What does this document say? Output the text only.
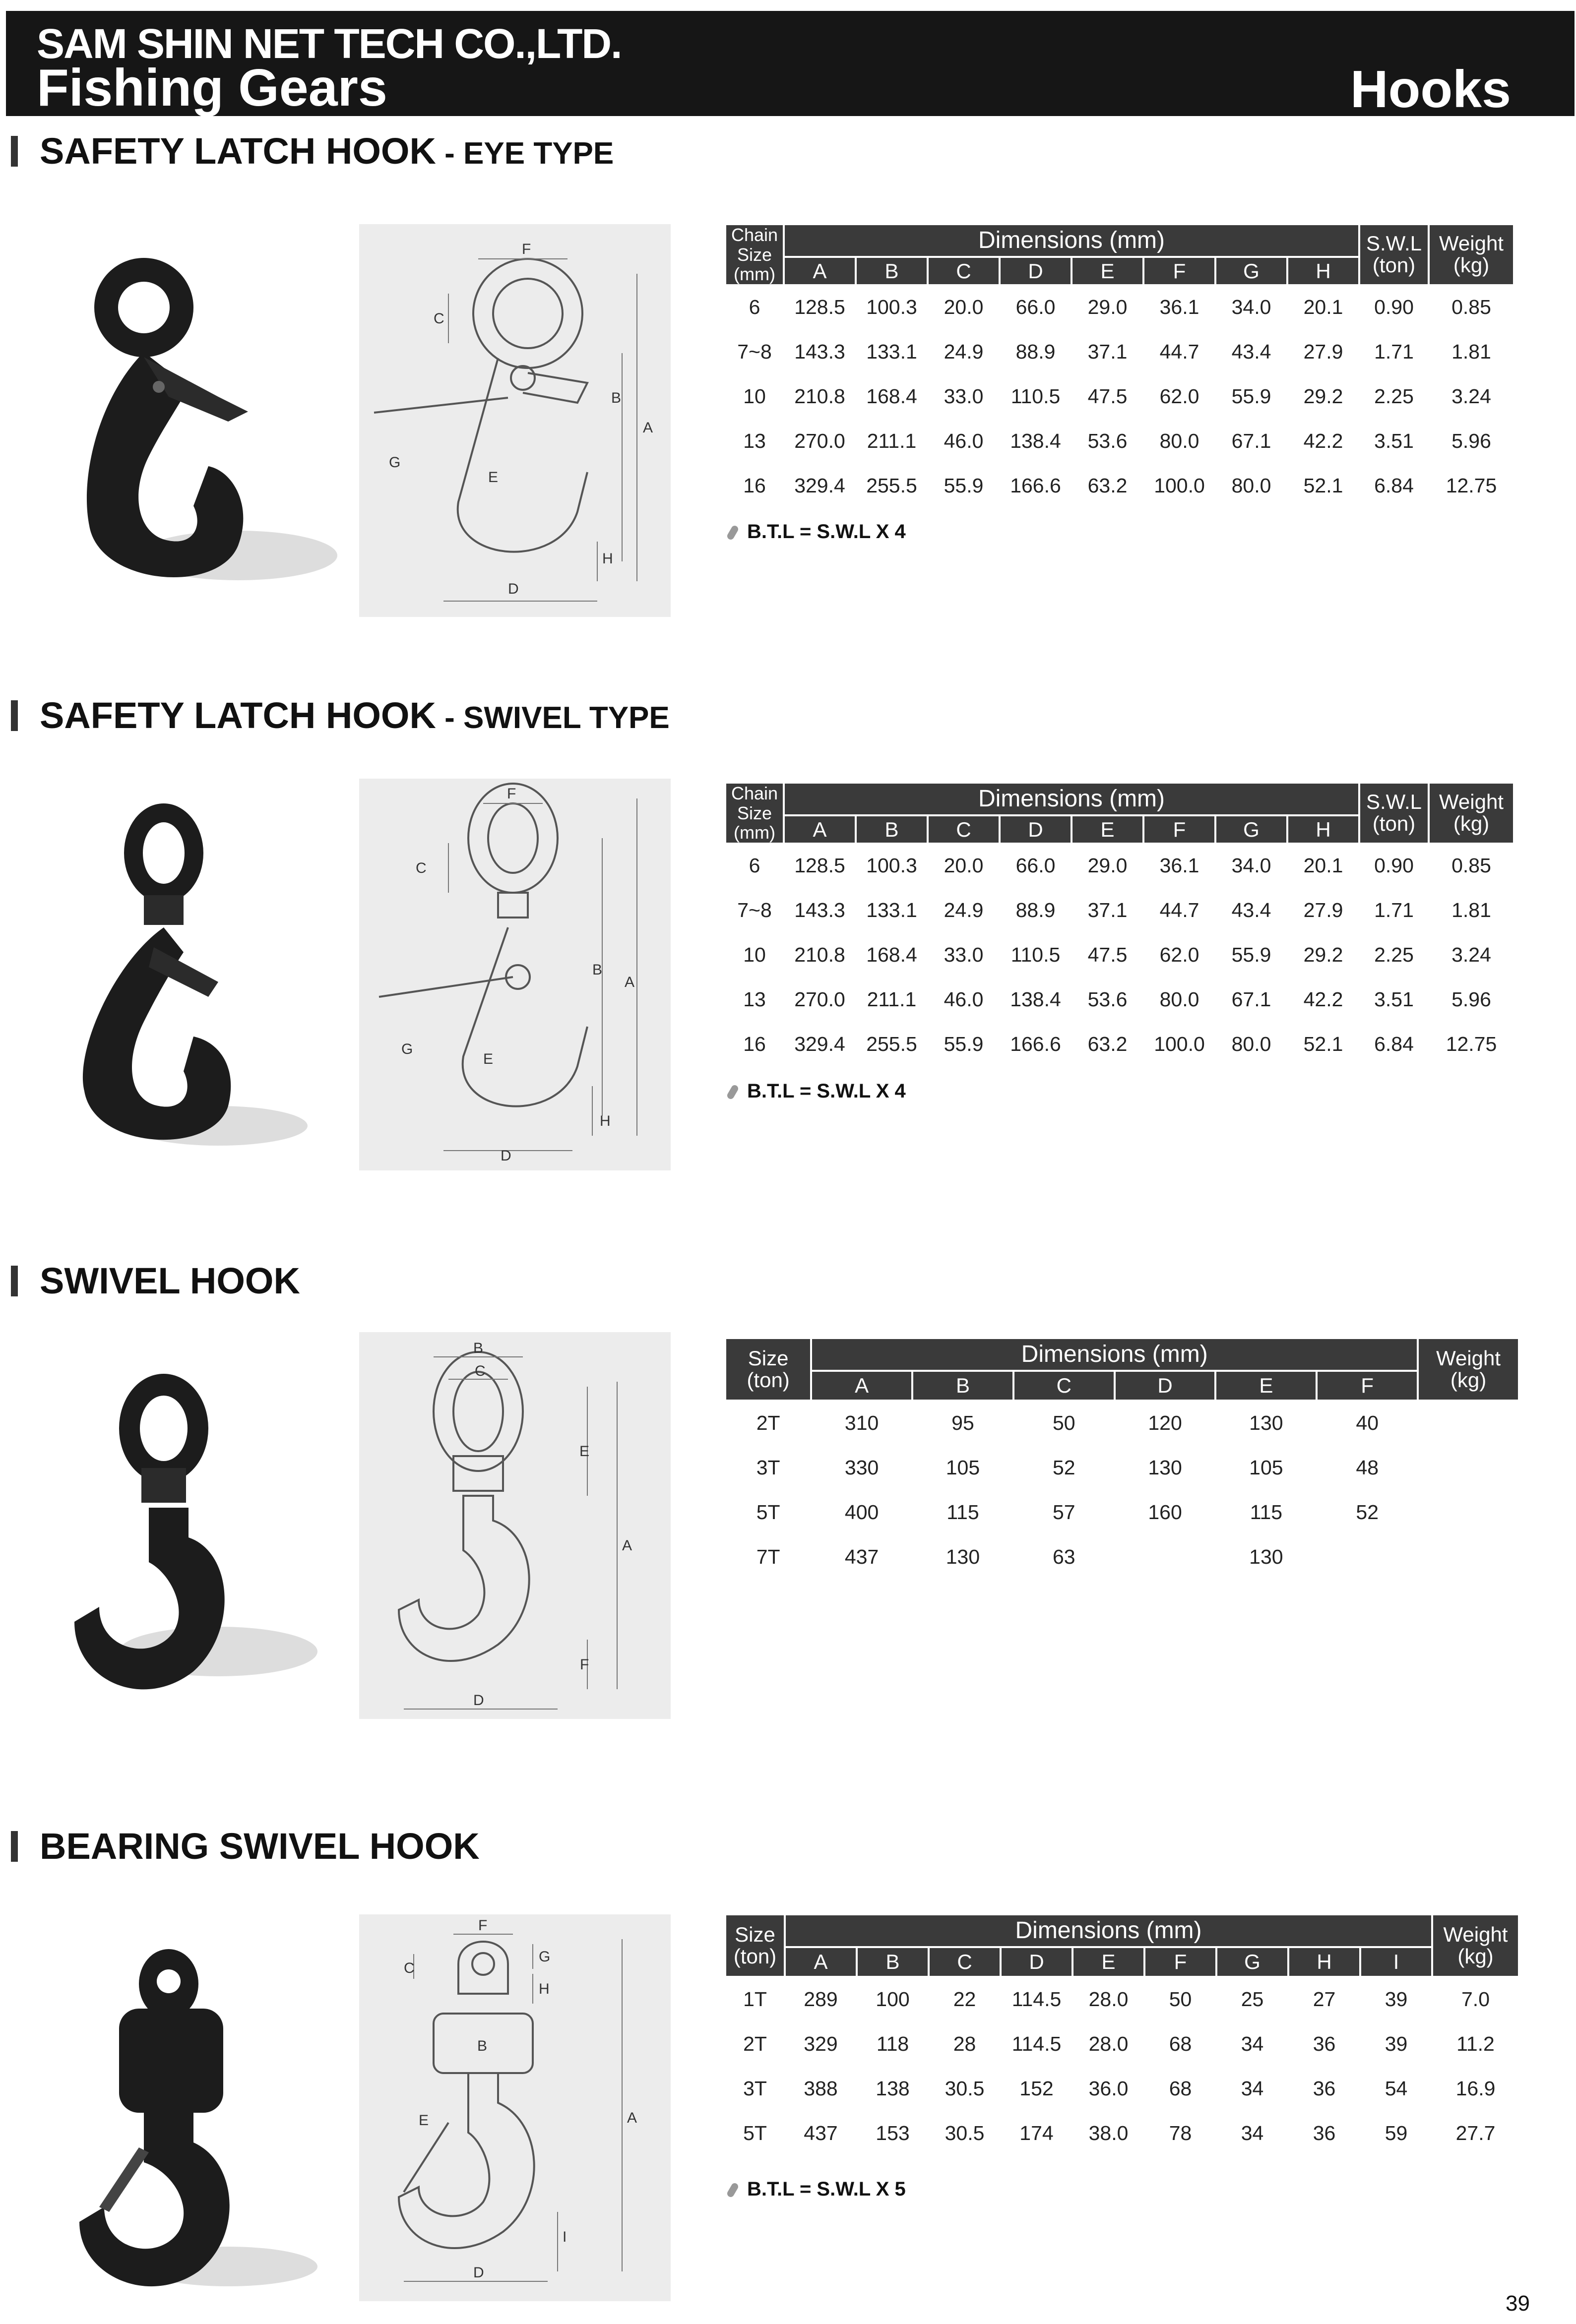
SAM SHIN NET TECH CO.,LTD.
Fishing Gears	Hooks
SAFETY LATCH HOOK - EYE TYPE
F
C
A
B
G
E
D
H
Chain
Size
(mm)	Dimensions (mm)								S.W.L
(ton)	Weight
(kg)
	A	B	C	D	E	F	G	H		
6	128.5	100.3	20.0	66.0	29.0	36.1	34.0	20.1	0.90	0.85
7~8	143.3	133.1	24.9	88.9	37.1	44.7	43.4	27.9	1.71	1.81
10	210.8	168.4	33.0	110.5	47.5	62.0	55.9	29.2	2.25	3.24
13	270.0	211.1	46.0	138.4	53.6	80.0	67.1	42.2	3.51	5.96
16	329.4	255.5	55.9	166.6	63.2	100.0	80.0	52.1	6.84	12.75
B.T.L = S.W.L X 4
SAFETY LATCH HOOK - SWIVEL TYPE
F
C
A
B
G
E
D
H
Chain
Size
(mm)	Dimensions (mm)								S.W.L
(ton)	Weight
(kg)
	A	B	C	D	E	F	G	H		
6	128.5	100.3	20.0	66.0	29.0	36.1	34.0	20.1	0.90	0.85
7~8	143.3	133.1	24.9	88.9	37.1	44.7	43.4	27.9	1.71	1.81
10	210.8	168.4	33.0	110.5	47.5	62.0	55.9	29.2	2.25	3.24
13	270.0	211.1	46.0	138.4	53.6	80.0	67.1	42.2	3.51	5.96
16	329.4	255.5	55.9	166.6	63.2	100.0	80.0	52.1	6.84	12.75
B.T.L = S.W.L X 4
SWIVEL HOOK
B
C
E
A
F
D
Size
(ton)	Dimensions (mm)						Weight
(kg)
	A	B	C	D	E	F	
2T	310	95	50	120	130	40	
3T	330	105	52	130	105	48	
5T	400	115	57	160	115	52	
7T	437	130	63		130		
BEARING SWIVEL HOOK
F
C
G
H
B
A
E
I
D
Size
(ton)	Dimensions (mm)									Weight
(kg)
	A	B	C	D	E	F	G	H	I	
1T	289	100	22	114.5	28.0	50	25	27	39	7.0
2T	329	118	28	114.5	28.0	68	34	36	39	11.2
3T	388	138	30.5	152	36.0	68	34	36	54	16.9
5T	437	153	30.5	174	38.0	78	34	36	59	27.7
B.T.L = S.W.L X 5
39
